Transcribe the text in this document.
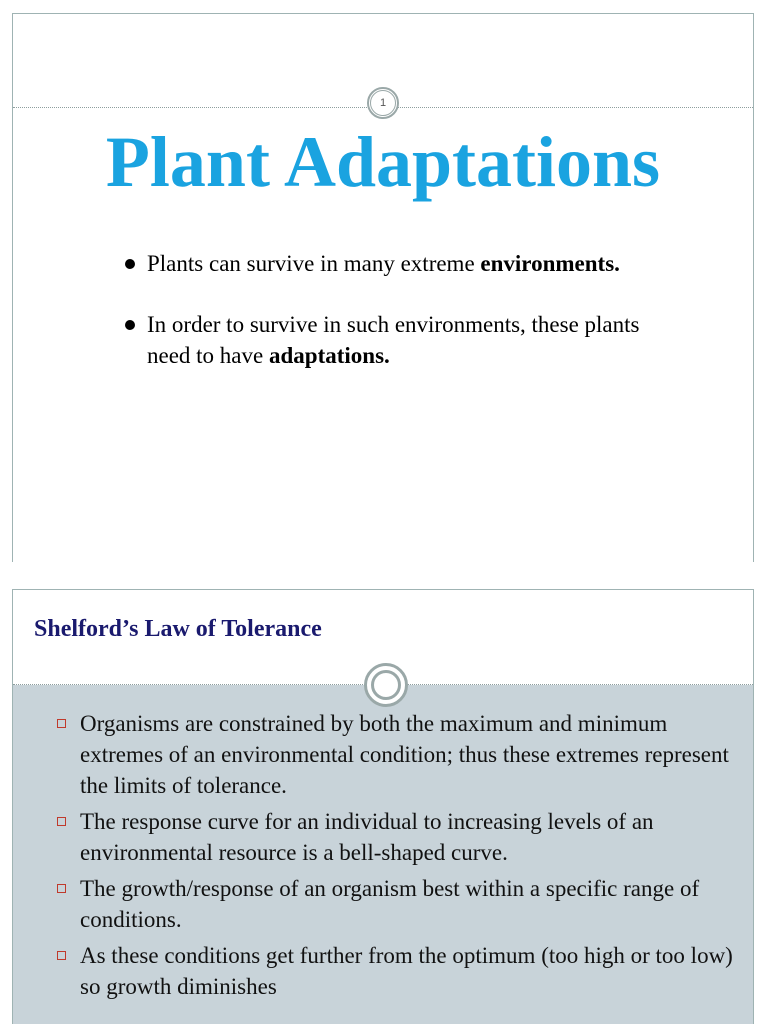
1
Plant Adaptations
Plants can survive in many extreme environments.
In order to survive in such environments, these plants need to have adaptations.
Shelford’s Law of Tolerance
Organisms are constrained by both the maximum and minimum extremes of an environmental condition; thus these extremes represent the limits of tolerance.
The response curve for an individual to increasing levels of an environmental resource is a bell-shaped curve.
The growth/response of an organism best within a specific range of conditions.
As these conditions get further from the optimum (too high or too low) so growth diminishes
